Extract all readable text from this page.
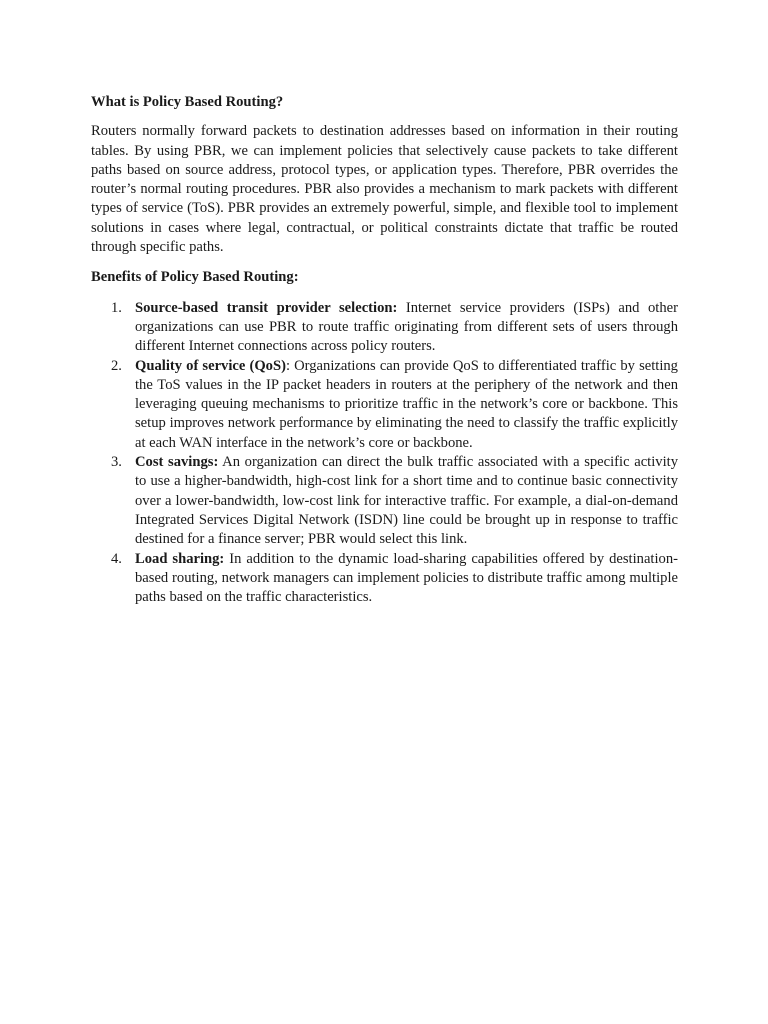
What is Policy Based Routing?

Routers normally forward packets to destination addresses based on information in their routing tables. By using PBR, we can implement policies that selectively cause packets to take different paths based on source address, protocol types, or application types. Therefore, PBR overrides the router’s normal routing procedures. PBR also provides a mechanism to mark packets with different types of service (ToS). PBR provides an extremely powerful, simple, and flexible tool to implement solutions in cases where legal, contractual, or political constraints dictate that traffic be routed through specific paths.

Benefits of Policy Based Routing:

1. Source-based transit provider selection: Internet service providers (ISPs) and other organizations can use PBR to route traffic originating from different sets of users through different Internet connections across policy routers.
2. Quality of service (QoS): Organizations can provide QoS to differentiated traffic by setting the ToS values in the IP packet headers in routers at the periphery of the network and then leveraging queuing mechanisms to prioritize traffic in the network’s core or backbone. This setup improves network performance by eliminating the need to classify the traffic explicitly at each WAN interface in the network’s core or backbone.
3. Cost savings: An organization can direct the bulk traffic associated with a specific activity to use a higher-bandwidth, high-cost link for a short time and to continue basic connectivity over a lower-bandwidth, low-cost link for interactive traffic. For example, a dial-on-demand Integrated Services Digital Network (ISDN) line could be brought up in response to traffic destined for a finance server; PBR would select this link.
4. Load sharing: In addition to the dynamic load-sharing capabilities offered by destination-based routing, network managers can implement policies to distribute traffic among multiple paths based on the traffic characteristics.
